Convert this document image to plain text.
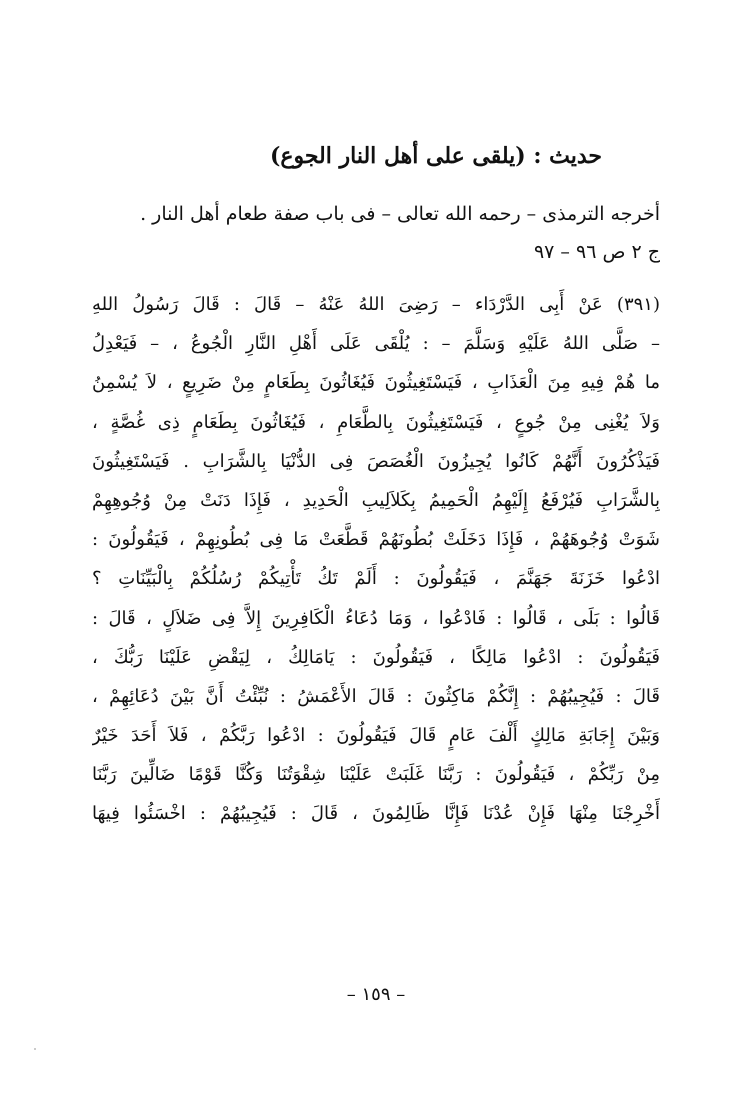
حديث : (يلقى على أهل النار الجوع)
أخرجه الترمذى – رحمه الله تعالى – فى باب صفة طعام أهل النار .
ج ٢ ص ٩٦ – ٩٧
(٣٩١) عَنْ أَبِى الدَّرْدَاء – رَضِىَ اللهُ عَنْهُ – قَالَ : قَالَ رَسُولُ اللهِ
– صَلَّى اللهُ عَلَيْهِ وَسَلَّمَ – : يُلْقَى عَلَى أَهْلِ النَّارِ الْجُوعُ ، – فَيَعْدِلُ
ما هُمْ فِيهِ مِنَ الْعَذَابِ ، فَيَسْتَغِيثُونَ فَيُغَاثُونَ بِطَعَامٍ مِنْ ضَرِيعٍ ، لاَ يُسْمِنُ
وَلاَ يُغْنِى مِنْ جُوعٍ ، فَيَسْتَغِيثُونَ بِالطَّعَامِ ، فَيُغَاثُونَ بِطَعَامٍ ذِى غُصَّةٍ ،
فَيَذْكُرُونَ أَنَّهُمْ كَانُوا يُجِيزُونَ الْغُصَصَ فِى الدُّنْيَا بِالشَّرَابِ . فَيَسْتَغِيثُونَ
بِالشَّرَابِ فَيُرْفَعُ إِلَيْهِمُ الْحَمِيمُ بِكَلاَلِيبِ الْحَدِيدِ ، فَإِذَا دَنَتْ مِنْ وُجُوهِهِمْ
شَوَتْ وُجُوهَهُمْ ، فَإِذَا دَخَلَتْ بُطُونَهُمْ قَطَّعَتْ مَا فِى بُطُونِهِمْ ، فَيَقُولُونَ :
ادْعُوا خَزَنَةَ جَهَنَّمَ ، فَيَقُولُونَ : أَلَمْ تَكُ تَأْتِيكُمْ رُسُلُكُمْ بِالْبَيِّنَاتِ ؟
قَالُوا : بَلَى ، قَالُوا : فَادْعُوا ، وَمَا دُعَاءُ الْكَافِرِينَ إِلاَّ فِى ضَلاَلٍ ، قَالَ :
فَيَقُولُونَ : ادْعُوا مَالِكًا ، فَيَقُولُونَ : يَامَالِكُ ، لِيَقْضِ عَلَيْنَا رَبُّكَ ،
قَالَ : فَيُجِيبُهُمْ : إِنَّكُمْ مَاكِثُونَ : قَالَ الأَعْمَشُ : نُبِّئْتُ أَنَّ بَيْنَ دُعَائِهِمْ ،
وَبَيْنَ إِجَابَةِ مَالِكٍ أَلْفَ عَامٍ قَالَ فَيَقُولُونَ : ادْعُوا رَبَّكُمْ ، فَلاَ أَحَدَ خَيْرٌ
مِنْ رَبِّكُمْ ، فَيَقُولُونَ : رَبَّنَا غَلَبَتْ عَلَيْنَا شِقْوَتُنَا وَكُنَّا قَوْمًا ضَالِّينَ رَبَّنَا
أَخْرِجْنَا مِنْهَا فَإِنْ عُدْنَا فَإِنَّا ظَالِمُونَ ، قَالَ : فَيُجِيبُهُمْ : اخْسَئُوا فِيهَا
– ١٥٩ –
